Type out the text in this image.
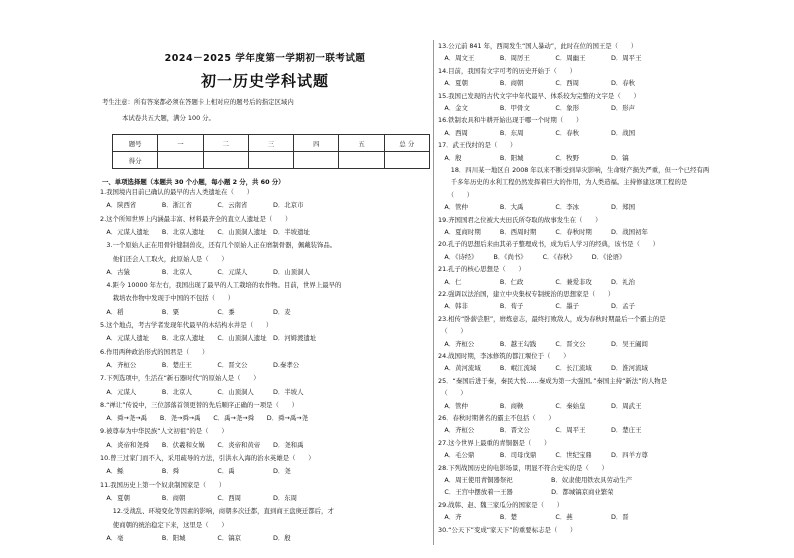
2024－2025 学年度第一学期初一联考试题
初一历史学科试题
考生注意：所有答案都必须在答题卡上相对应的题号后的指定区域内
本试卷共五大题，满分 100 分。
题号	一	二	三	四	五	总 分
得分						
一、单项选择题（本题共 30 个小题，每小题 2 分，共 60 分）
1.我国境内目前已确认的最早的古人类遗址在（　　）
　A．陕西省　　　　B．浙江省　　　　C．云南省　　　　D．北京市
2.这个所知世界上内涵最丰富、材料最齐全的直立人遗址是（　　）
　A．元谋人遗址　　B．北京人遗址　　C．山顶洞人遗址　D．半坡遗址
　3.一个原始人正在用骨针缝制兽皮，还有几个原始人正在磨制骨器，佩戴装饰品。
　　他们还会人工取火，此原始人是（　　）
　A．古猿　　　　　B．北京人　　　　C．元谋人　　　　D．山顶洞人
　4.距今 10000 年左右，我国出现了最早的人工栽培的农作物。目前，世界上最早的
　　栽培农作物中发现于中国的不包括（　　）
　A．稻　　　　　　B．粟　　　　　　C．黍　　　　　　D．麦
5.这个地点，考古学者发现年代最早的木结构水井是（　　）
　A．元谋人遗址　　B．北京人遗址　　C．山顶洞人遗址　D．河姆渡遗址
6.作用两种政治形式的国君是（　　）
　A．齐桓公　　　　B．楚庄王　　　　C．晋文公　　　　D.秦孝公
7.下列选项中，生活在“新石器时代”的原始人是（　　）
　A．元谋人　　　　B．北京人　　　　C．山顶洞人　　　D．半坡人
8.“禅让”传说中，三位部落首领更替的先后顺序正确的一项是（　　）
　A．舜→尧→禹　　B．尧→舜→禹　　C．禹→尧→舜　　D．舜→禹→尧
9.被尊奉为中华民族“人文初祖”的是（　　）
　A．炎帝和尧舜　　B．伏羲和女娲　　C．炎帝和黄帝　　D．尧和禹
10.曾三过家门而不入，采用疏导的方法，引洪水入海的治水英雄是（　　）
　A．鲧　　　　　　B．舜　　　　　　C．禹　　　　　　D．尧
11.我国历史上第一个奴隶制国家是（　　）
　A．夏朝　　　　　B．商朝　　　　　C．西周　　　　　D．东周
　　12.受战乱、环境变化等因素的影响，商朝多次迁都，直到商王盘庚迁都后，才
　　使商朝的统治稳定下来，这里是（　　）
　A．亳　　　　　　B．阳城　　　　　C．镐京　　　　　D．殷
13.公元前 841 年，西周发生“国人暴动”，此时在位的国王是（　　）
　A．周文王　　　　B．周厉王　　　　C．周幽王　　　　D．周平王
14.目前，我国有文字可考的历史开始于（　　）
　A．夏朝　　　　　B．商朝　　　　　C．西周　　　　　D．春秋
15.我国已发现的古代文字中年代最早、体系较为完整的文字是（　　）
　A．金文　　　　　B．甲骨文　　　　C．象形　　　　　D．形声
16.铁制农具和牛耕开始出现于哪一个时期（　　）
　A．西周　　　　　B．东周　　　　　C．春秋　　　　　D．战国
17．武王伐纣的是（　　）
　A．殷　　　　　　B．阳城　　　　　C．牧野　　　　　D．镐
　　18．四川某一地区自 2008 年以来不断受到旱灾影响，生命财产损失严重，但一个已经有两
　　千多年历史的水利工程仍然发挥着巨大的作用，为人类造福。主持修建这项工程的是
　　（　　）
　A．管仲　　　　　B．大禹　　　　　C．李冰　　　　　D．郑国
19.齐国国君之位被大夫田氏所夺取的故事发生在（　　）
　A．夏商时期　　　B．西周时期　　　C．春秋时期　　　D．战国初年
20.孔子的思想后来由其弟子整理成书，成为后人学习的经典，该书是（　　）
　A．《诗经》　　　B．《尚书》　　　C．《春秋》　　　D．《论语》
21.孔子的核心思想是（　　）
　A．仁　　　　　　B．仁政　　　　　C．兼爱非攻　　　D．礼治
22.强调以法治国，建立中央集权专制统治的思想家是（　　）
　A．韩非　　　　　B．荀子　　　　　C．墨子　　　　　D．孟子
23.相传“卧薪尝胆”，磨炼意志，最终打败敌人，成为春秋时期最后一个霸主的是
　（　　）
　A．齐桓公　　　　B．越王勾践　　　C．晋文公　　　　D．吴王阖闾
24.战国时期，李冰修筑的都江堰位于（　　）
　A．黄河流域　　　B．岷江流域　　　C．长江流域　　　D．淮河流域
25．“秦国后进于秦，秦民大悦……秦成为第一大强国。”秦国主持“新法”的人物是
　（　　）
　A．管仲　　　　　B．商鞅　　　　　C．秦始皇　　　　D．周武王
26．春秋时期著名的霸主不包括（　　）
　A．齐桓公　　　　B．晋文公　　　　C．周平王　　　　D．楚庄王
27.这今世界上最重的青铜器是（　　）
　A．毛公鼎　　　　B．司母戊鼎　　　C．世纪宝鼎　　　D．四羊方尊
28.下列战国历史的电影场景，明显不符合史实的是（　　）
　A．周王使用青铜器祭祀　　　　　　B．奴隶使用铁农具劳动生产
　C．王宫中摆放着一王器　　　　　　D．都城镐京商业繁荣
29.战韩、赵、魏三家瓜分的国家是（　　）
　A．齐　　　　　　B．楚　　　　　　C．燕　　　　　　D．晋
30.“公天下”变成“家天下”的重要标志是（　　）
